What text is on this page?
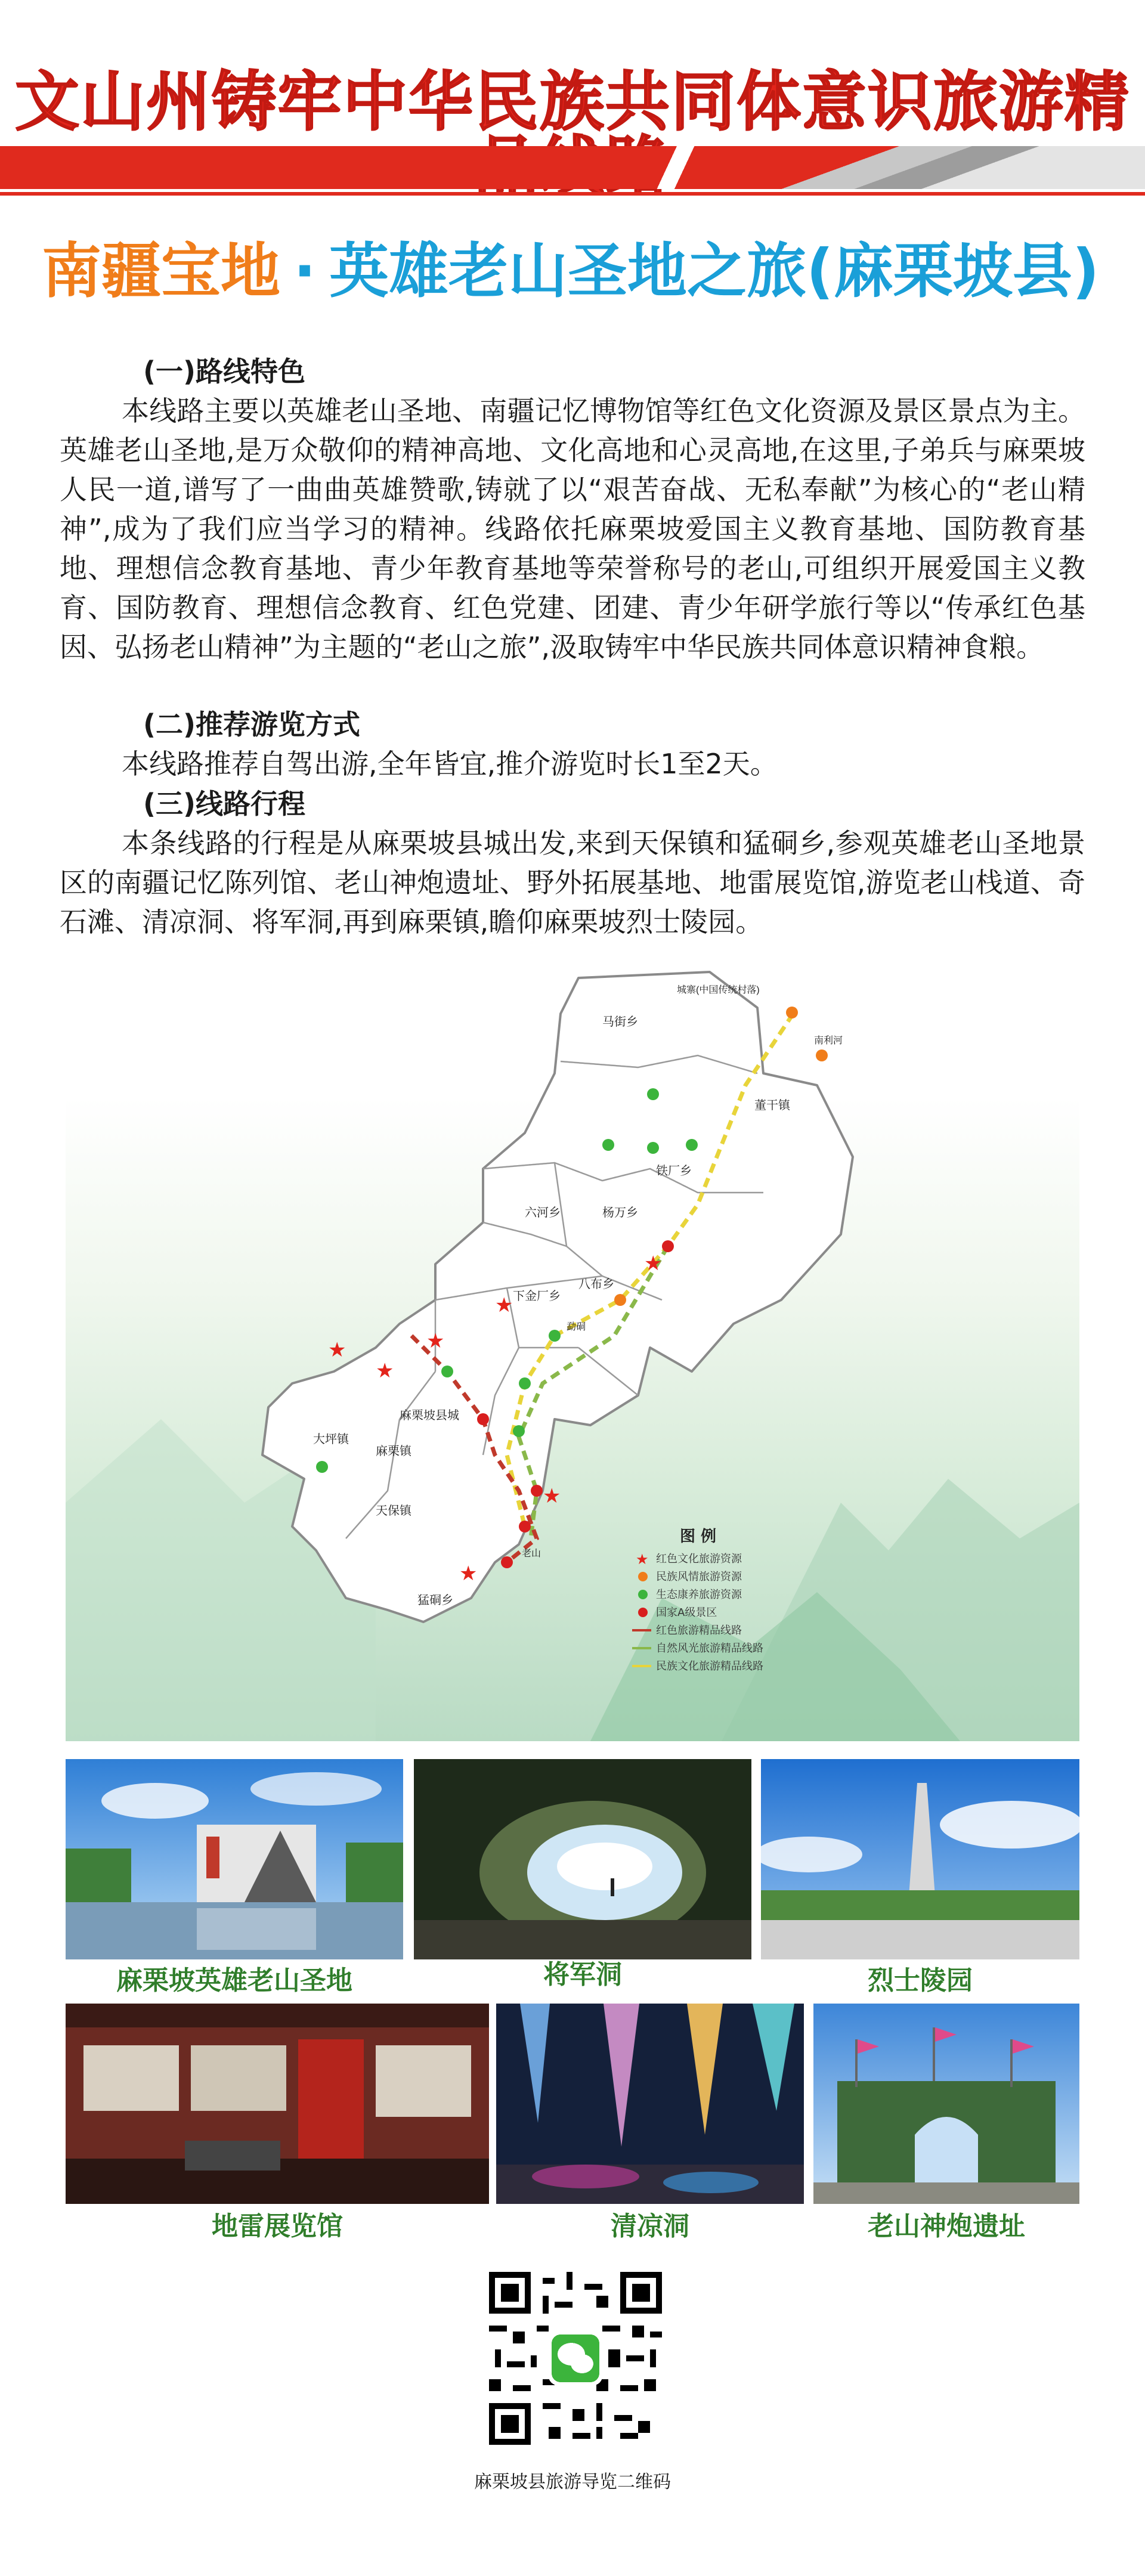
文山州铸牢中华民族共同体意识旅游精
南疆宝地 · 英雄老山圣地之旅(麻栗坡县)
(一)路线特色
本线路主要以英雄老山圣地、南疆记忆博物馆等红色文化资源及景区景点为主。英雄老山圣地,是万众敬仰的精神高地、文化高地和心灵高地,在这里,子弟兵与麻栗坡人民一道,谱写了一曲曲英雄赞歌,铸就了以“艰苦奋战、无私奉献”为核心的“老山精神”,成为了我们应当学习的精神。线路依托麻栗坡爱国主义教育基地、国防教育基地、理想信念教育基地、青少年教育基地等荣誉称号的老山,可组织开展爱国主义教育、国防教育、理想信念教育、红色党建、团建、青少年研学旅行等以“传承红色基因、弘扬老山精神”为主题的“老山之旅”,汲取铸牢中华民族共同体意识精神食粮。
(二)推荐游览方式
本线路推荐自驾出游,全年皆宜,推介游览时长1至2天。
(三)线路行程
本条线路的行程是从麻栗坡县城出发,来到天保镇和猛硐乡,参观英雄老山圣地景区的南疆记忆陈列馆、老山神炮遗址、野外拓展基地、地雷展览馆,游览老山栈道、奇石滩、清凉洞、将军洞,再到麻栗镇,瞻仰麻栗坡烈士陵园。
★
★
★
★
★
★
★
马街乡
董干镇
六河乡
铁厂乡
杨万乡
八布乡
下金厂乡
大坪镇
麻栗镇
天保镇
猛硐乡
麻栗坡县城
城寨(中国传统村落)
南利河
勐硐
老山
图 例
★ 红色文化旅游资源
民族风情旅游资源
生态康养旅游资源
国家A级景区
红色旅游精品线路
自然风光旅游精品线路
民族文化旅游精品线路
麻栗坡英雄老山圣地	将军洞	烈士陵园
地雷展览馆	清凉洞	老山神炮遗址
麻栗坡县旅游导览二维码
